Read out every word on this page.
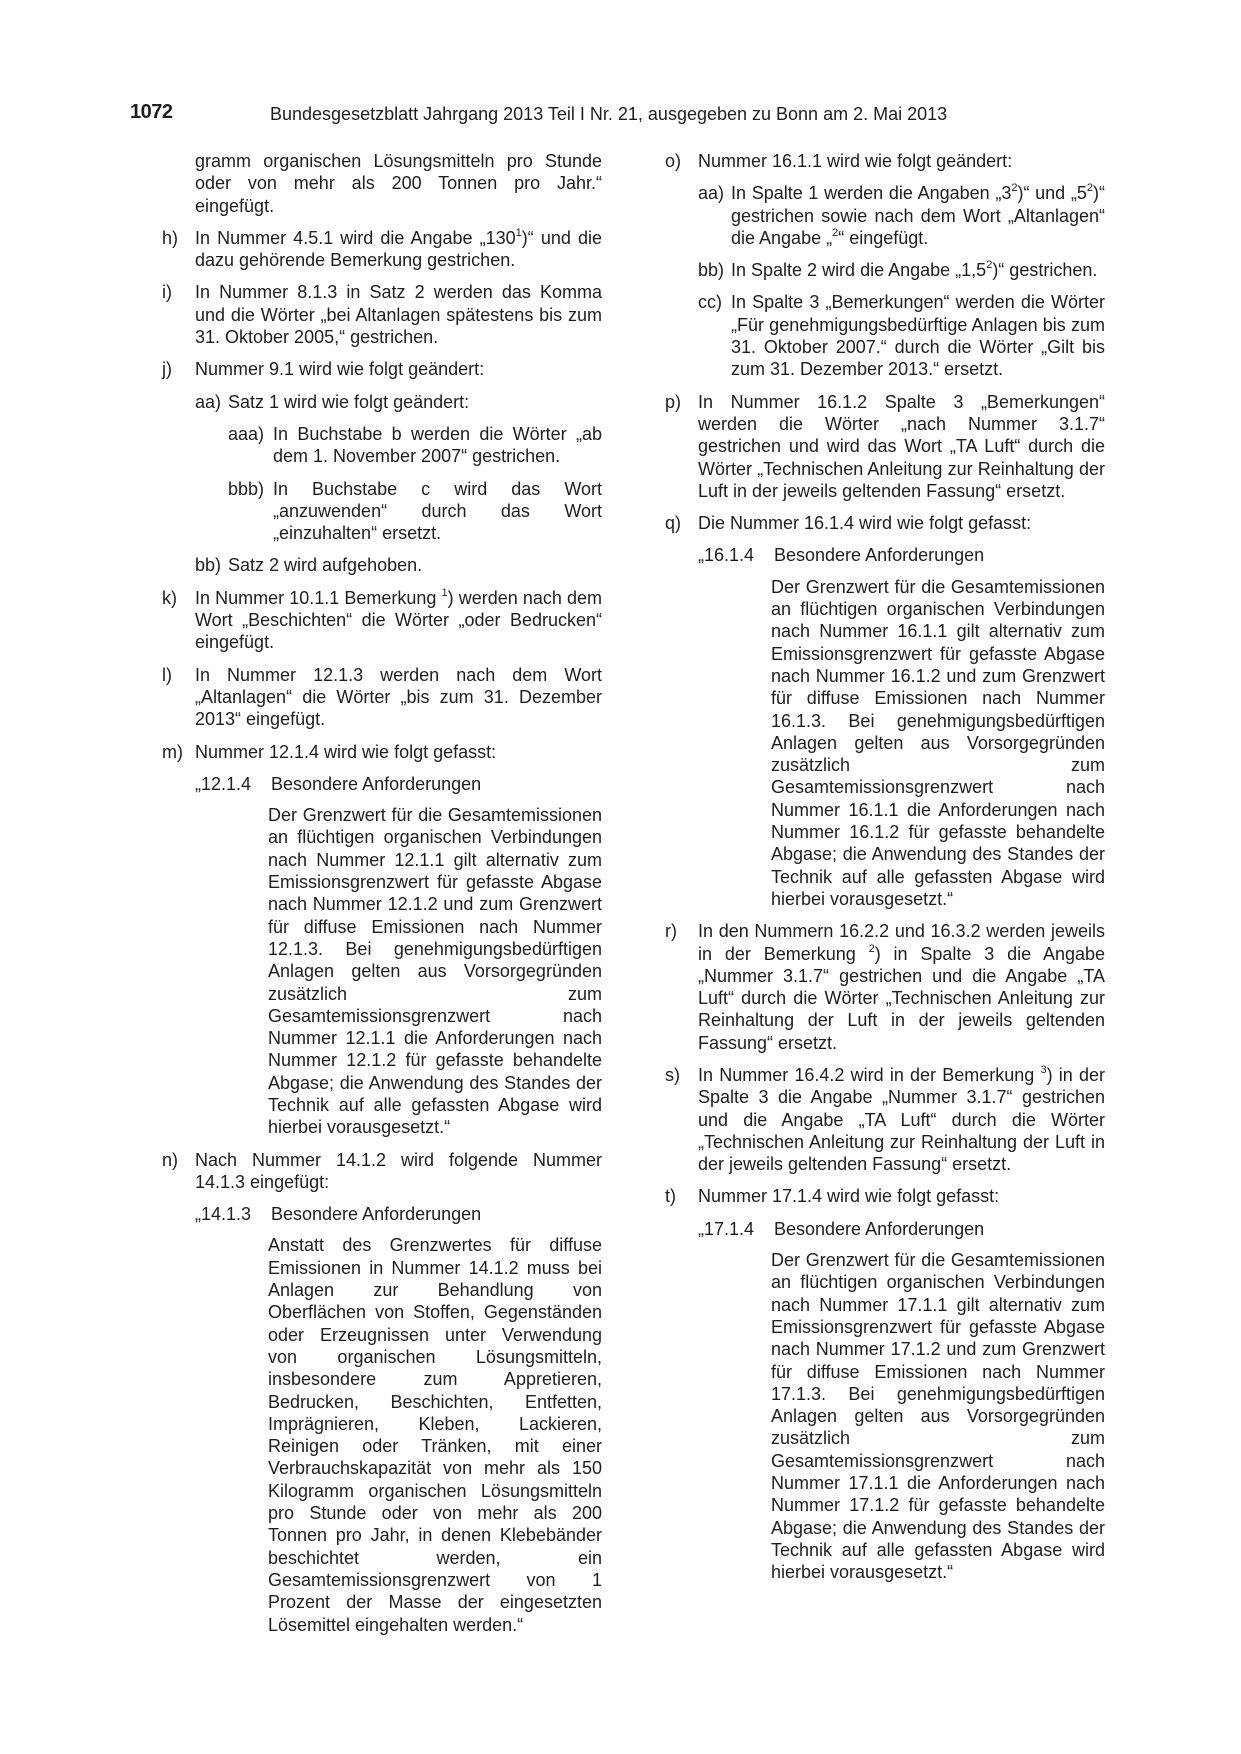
1072	Bundesgesetzblatt Jahrgang 2013 Teil I Nr. 21, ausgegeben zu Bonn am 2. Mai 2013

gramm organischen Lösungsmitteln pro Stunde oder von mehr als 200 Tonnen pro Jahr.“ eingefügt.

h) In Nummer 4.5.1 wird die Angabe $„130^1)“$ und die dazu gehörende Bemerkung gestrichen.

i) In Nummer 8.1.3 in Satz 2 werden das Komma und die Wörter „bei Altanlagen spätestens bis zum 31. Oktober 2005,“ gestrichen.

j) Nummer 9.1 wird wie folgt geändert:

aa) Satz 1 wird wie folgt geändert:

aaa) In Buchstabe b werden die Wörter „ab dem 1. November 2007“ gestrichen.

bbb) In Buchstabe c wird das Wort „anzuwenden“ durch das Wort „einzuhalten“ ersetzt.

bb) Satz 2 wird aufgehoben.

k) In Nummer 10.1.1 Bemerkung $^1$) werden nach dem Wort „Beschichten“ die Wörter „oder Bedrucken“ eingefügt.

l) In Nummer 12.1.3 werden nach dem Wort „Altanlagen“ die Wörter „bis zum 31. Dezember 2013“ eingefügt.

m) Nummer 12.1.4 wird wie folgt gefasst:

„12.1.4 Besondere Anforderungen

Der Grenzwert für die Gesamtemissionen an flüchtigen organischen Verbindungen nach Nummer 12.1.1 gilt alternativ zum Emissionsgrenzwert für gefasste Abgase nach Nummer 12.1.2 und zum Grenzwert für diffuse Emissionen nach Nummer 12.1.3. Bei genehmigungsbedürftigen Anlagen gelten aus Vorsorgegründen zusätzlich zum Gesamtemissionsgrenzwert nach Nummer 12.1.1 die Anforderungen nach Nummer 12.1.2 für gefasste behandelte Abgase; die Anwendung des Standes der Technik auf alle gefassten Abgase wird hierbei vorausgesetzt.“

n) Nach Nummer 14.1.2 wird folgende Nummer 14.1.3 eingefügt:

„14.1.3 Besondere Anforderungen

Anstatt des Grenzwertes für diffuse Emissionen in Nummer 14.1.2 muss bei Anlagen zur Behandlung von Oberflächen von Stoffen, Gegenständen oder Erzeugnissen unter Verwendung von organischen Lösungsmitteln, insbesondere zum Appretieren, Bedrucken, Beschichten, Entfetten, Imprägnieren, Kleben, Lackieren, Reinigen oder Tränken, mit einer Verbrauchskapazität von mehr als 150 Kilogramm organischen Lösungsmitteln pro Stunde oder von mehr als 200 Tonnen pro Jahr, in denen Klebebänder beschichtet werden, ein Gesamtemissionsgrenzwert von 1 Prozent der Masse der eingesetzten Lösemittel eingehalten werden.“

o) Nummer 16.1.1 wird wie folgt geändert:

aa) In Spalte 1 werden die Angaben $„3^2)“$ und $„5^2)“$ gestrichen sowie nach dem Wort „Altanlagen“ die Angabe „$^2$“ eingefügt.

bb) In Spalte 2 wird die Angabe $„1,5^2)“$ gestrichen.

cc) In Spalte 3 „Bemerkungen“ werden die Wörter „Für genehmigungsbedürftige Anlagen bis zum 31. Oktober 2007.“ durch die Wörter „Gilt bis zum 31. Dezember 2013.“ ersetzt.

p) In Nummer 16.1.2 Spalte 3 „Bemerkungen“ werden die Wörter „nach Nummer 3.1.7“ gestrichen und wird das Wort „TA Luft“ durch die Wörter „Technischen Anleitung zur Reinhaltung der Luft in der jeweils geltenden Fassung“ ersetzt.

q) Die Nummer 16.1.4 wird wie folgt gefasst:

„16.1.4 Besondere Anforderungen

Der Grenzwert für die Gesamtemissionen an flüchtigen organischen Verbindungen nach Nummer 16.1.1 gilt alternativ zum Emissionsgrenzwert für gefasste Abgase nach Nummer 16.1.2 und zum Grenzwert für diffuse Emissionen nach Nummer 16.1.3. Bei genehmigungsbedürftigen Anlagen gelten aus Vorsorgegründen zusätzlich zum Gesamtemissionsgrenzwert nach Nummer 16.1.1 die Anforderungen nach Nummer 16.1.2 für gefasste behandelte Abgase; die Anwendung des Standes der Technik auf alle gefassten Abgase wird hierbei vorausgesetzt.“

r) In den Nummern 16.2.2 und 16.3.2 werden jeweils in der Bemerkung $^2$) in Spalte 3 die Angabe „Nummer 3.1.7“ gestrichen und die Angabe „TA Luft“ durch die Wörter „Technischen Anleitung zur Reinhaltung der Luft in der jeweils geltenden Fassung“ ersetzt.

s) In Nummer 16.4.2 wird in der Bemerkung $^3$) in der Spalte 3 die Angabe „Nummer 3.1.7“ gestrichen und die Angabe „TA Luft“ durch die Wörter „Technischen Anleitung zur Reinhaltung der Luft in der jeweils geltenden Fassung“ ersetzt.

t) Nummer 17.1.4 wird wie folgt gefasst:

„17.1.4 Besondere Anforderungen

Der Grenzwert für die Gesamtemissionen an flüchtigen organischen Verbindungen nach Nummer 17.1.1 gilt alternativ zum Emissionsgrenzwert für gefasste Abgase nach Nummer 17.1.2 und zum Grenzwert für diffuse Emissionen nach Nummer 17.1.3. Bei genehmigungsbedürftigen Anlagen gelten aus Vorsorgegründen zusätzlich zum Gesamtemissionsgrenzwert nach Nummer 17.1.1 die Anforderungen nach Nummer 17.1.2 für gefasste behandelte Abgase; die Anwendung des Standes der Technik auf alle gefassten Abgase wird hierbei vorausgesetzt.“
